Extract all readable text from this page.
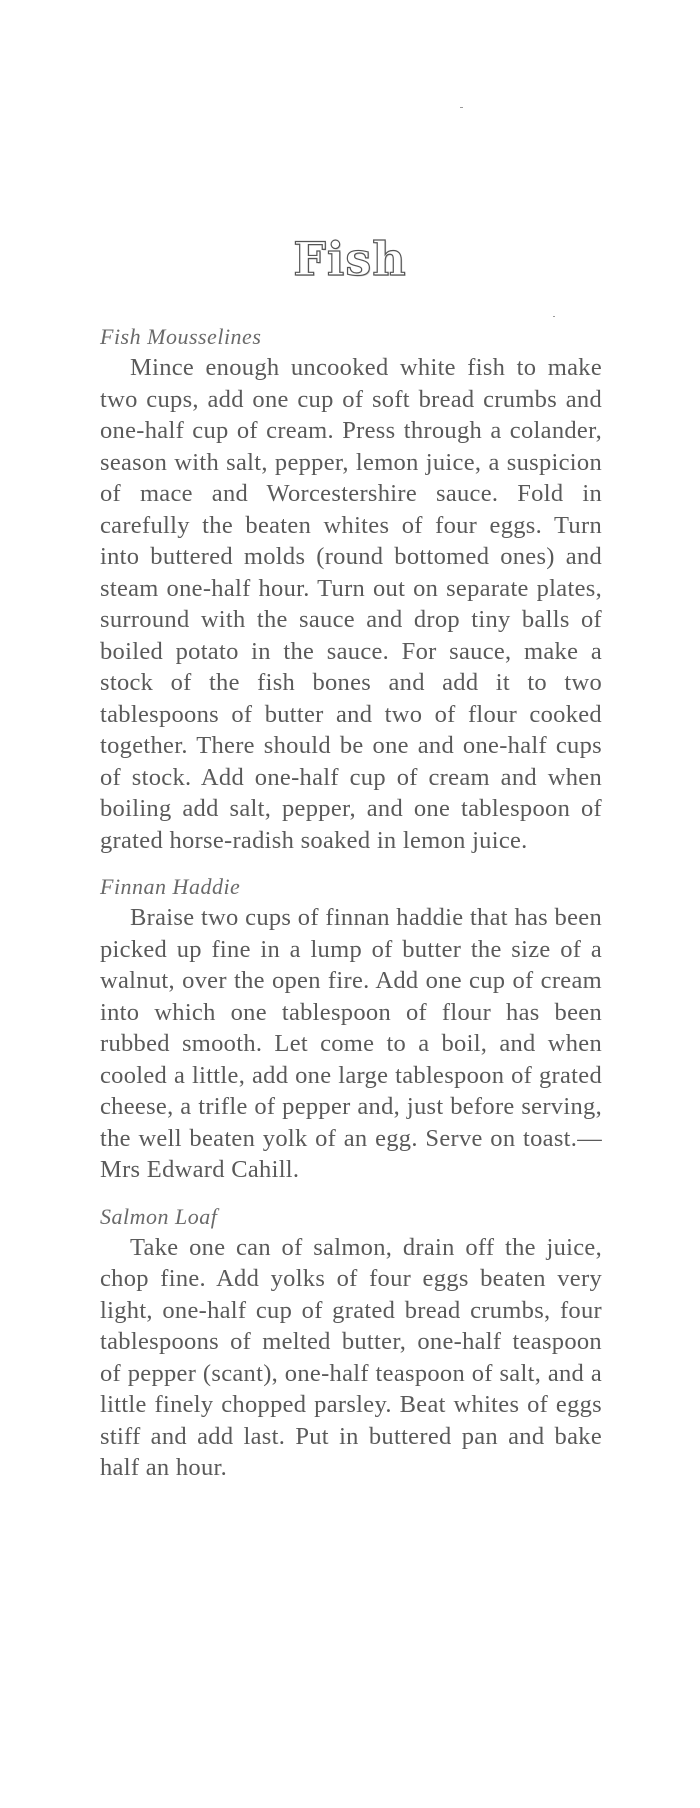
Fish

Fish Mousselines

Mince enough uncooked white fish to make two cups, add one cup of soft bread crumbs and one-half cup of cream. Press through a colander, season with salt, pepper, lemon juice, a suspicion of mace and Worcestershire sauce. Fold in carefully the beaten whites of four eggs. Turn into buttered molds (round bottomed ones) and steam one-half hour. Turn out on separate plates, surround with the sauce and drop tiny balls of boiled potato in the sauce. For sauce, make a stock of the fish bones and add it to two tablespoons of butter and two of flour cooked together. There should be one and one-half cups of stock. Add one-half cup of cream and when boiling add salt, pepper, and one tablespoon of grated horse-radish soaked in lemon juice.

Finnan Haddie

Braise two cups of finnan haddie that has been picked up fine in a lump of butter the size of a walnut, over the open fire. Add one cup of cream into which one tablespoon of flour has been rubbed smooth. Let come to a boil, and when cooled a little, add one large tablespoon of grated cheese, a trifle of pepper and, just before serving, the well beaten yolk of an egg. Serve on toast.—Mrs Edward Cahill.

Salmon Loaf

Take one can of salmon, drain off the juice, chop fine. Add yolks of four eggs beaten very light, one-half cup of grated bread crumbs, four tablespoons of melted butter, one-half teaspoon of pepper (scant), one-half teaspoon of salt, and a little finely chopped parsley. Beat whites of eggs stiff and add last. Put in buttered pan and bake half an hour.
